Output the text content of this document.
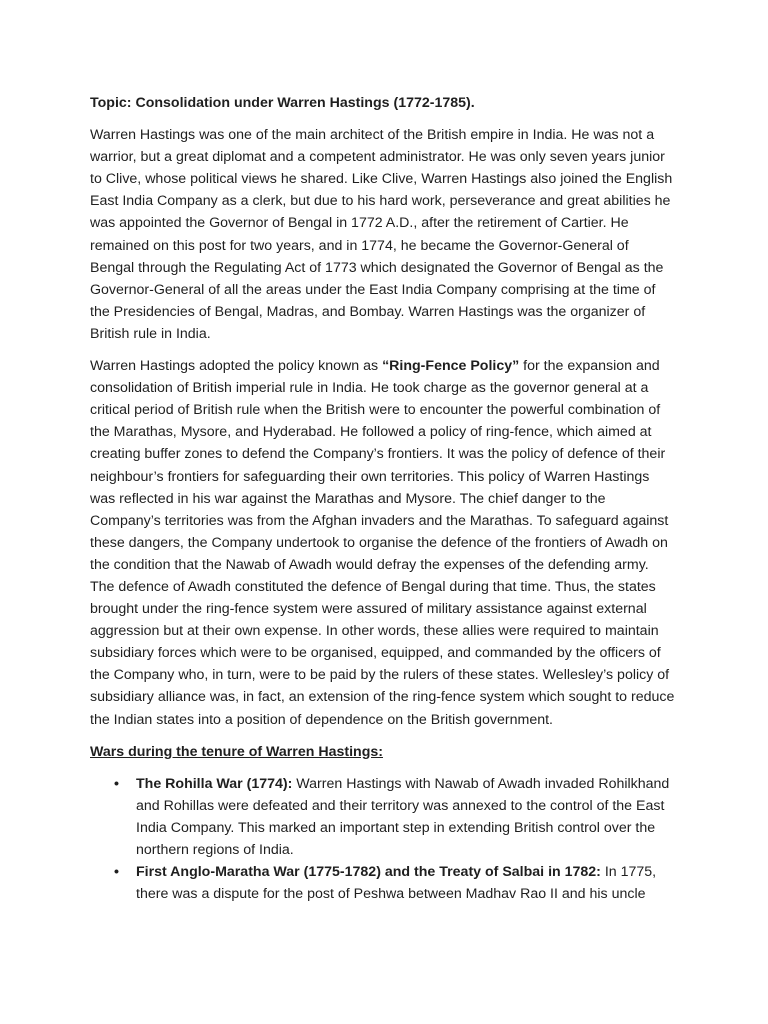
Topic: Consolidation under Warren Hastings (1772-1785).

Warren Hastings was one of the main architect of the British empire in India. He was not a warrior, but a great diplomat and a competent administrator. He was only seven years junior to Clive, whose political views he shared. Like Clive, Warren Hastings also joined the English East India Company as a clerk, but due to his hard work, perseverance and great abilities he was appointed the Governor of Bengal in 1772 A.D., after the retirement of Cartier. He remained on this post for two years, and in 1774, he became the Governor-General of Bengal through the Regulating Act of 1773 which designated the Governor of Bengal as the Governor-General of all the areas under the East India Company comprising at the time of the Presidencies of Bengal, Madras, and Bombay. Warren Hastings was the organizer of British rule in India.

Warren Hastings adopted the policy known as “Ring-Fence Policy” for the expansion and consolidation of British imperial rule in India. He took charge as the governor general at a critical period of British rule when the British were to encounter the powerful combination of the Marathas, Mysore, and Hyderabad. He followed a policy of ring-fence, which aimed at creating buffer zones to defend the Company’s frontiers. It was the policy of defence of their neighbour’s frontiers for safeguarding their own territories. This policy of Warren Hastings was reflected in his war against the Marathas and Mysore. The chief danger to the Company’s territories was from the Afghan invaders and the Marathas. To safeguard against these dangers, the Company undertook to organise the defence of the frontiers of Awadh on the condition that the Nawab of Awadh would defray the expenses of the defending army. The defence of Awadh constituted the defence of Bengal during that time. Thus, the states brought under the ring-fence system were assured of military assistance against external aggression but at their own expense. In other words, these allies were required to maintain subsidiary forces which were to be organised, equipped, and commanded by the officers of the Company who, in turn, were to be paid by the rulers of these states. Wellesley’s policy of subsidiary alliance was, in fact, an extension of the ring-fence system which sought to reduce the Indian states into a position of dependence on the British government.

Wars during the tenure of Warren Hastings:
• The Rohilla War (1774): Warren Hastings with Nawab of Awadh invaded Rohilkhand and Rohillas were defeated and their territory was annexed to the control of the East India Company. This marked an important step in extending British control over the northern regions of India.
• First Anglo-Maratha War (1775-1782) and the Treaty of Salbai in 1782: In 1775, there was a dispute for the post of Peshwa between Madhav Rao II and his uncle
